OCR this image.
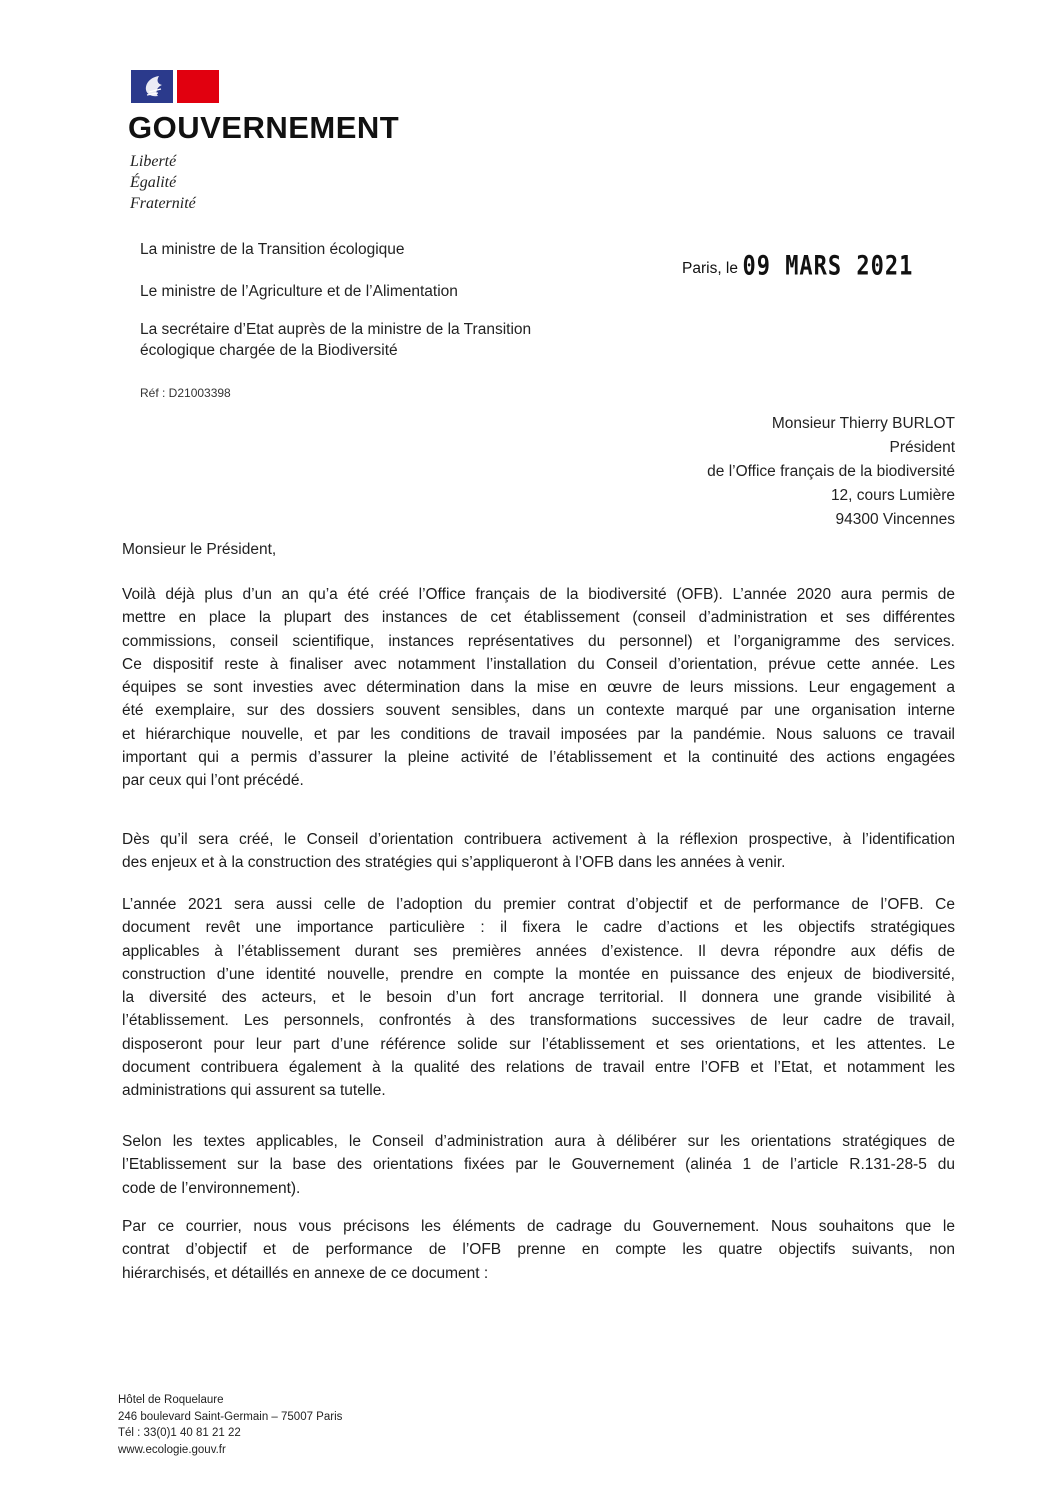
GOUVERNEMENT
Liberté
Égalité
Fraternité
La ministre de la Transition écologique
Le ministre de l’Agriculture et de l’Alimentation
La secrétaire d’Etat auprès de la ministre de la Transition
écologique chargée de la Biodiversité
Paris, le 09 MARS 2021
Réf : D21003398
Monsieur Thierry BURLOT
Président
de l’Office français de la biodiversité
12, cours Lumière
94300 Vincennes
Monsieur le Président,
Voilà déjà plus d’un an qu’a été créé l’Office français de la biodiversité (OFB). L’année 2020 aura permis de
mettre en place la plupart des instances de cet établissement (conseil d’administration et ses différentes
commissions, conseil scientifique, instances représentatives du personnel) et l’organigramme des services.
Ce dispositif reste à finaliser avec notamment l’installation du Conseil d’orientation, prévue cette année. Les
équipes se sont investies avec détermination dans la mise en œuvre de leurs missions. Leur engagement a
été exemplaire, sur des dossiers souvent sensibles, dans un contexte marqué par une organisation interne
et hiérarchique nouvelle, et par les conditions de travail imposées par la pandémie. Nous saluons ce travail
important qui a permis d’assurer la pleine activité de l’établissement et la continuité des actions engagées
par ceux qui l’ont précédé.
Dès qu’il sera créé, le Conseil d’orientation contribuera activement à la réflexion prospective, à l’identification
des enjeux et à la construction des stratégies qui s’appliqueront à l’OFB dans les années à venir.
L’année 2021 sera aussi celle de l’adoption du premier contrat d’objectif et de performance de l’OFB. Ce
document revêt une importance particulière : il fixera le cadre d’actions et les objectifs stratégiques
applicables à l’établissement durant ses premières années d’existence. Il devra répondre aux défis de
construction d’une identité nouvelle, prendre en compte la montée en puissance des enjeux de biodiversité,
la diversité des acteurs, et le besoin d’un fort ancrage territorial. Il donnera une grande visibilité à
l’établissement. Les personnels, confrontés à des transformations successives de leur cadre de travail,
disposeront pour leur part d’une référence solide sur l’établissement et ses orientations, et les attentes. Le
document contribuera également à la qualité des relations de travail entre l’OFB et l’Etat, et notamment les
administrations qui assurent sa tutelle.
Selon les textes applicables, le Conseil d’administration aura à délibérer sur les orientations stratégiques de
l’Etablissement sur la base des orientations fixées par le Gouvernement (alinéa 1 de l’article R.131-28-5 du
code de l’environnement).
Par ce courrier, nous vous précisons les éléments de cadrage du Gouvernement. Nous souhaitons que le
contrat d’objectif et de performance de l’OFB prenne en compte les quatre objectifs suivants, non
hiérarchisés, et détaillés en annexe de ce document :
Hôtel de Roquelaure
246 boulevard Saint-Germain – 75007 Paris
Tél : 33(0)1 40 81 21 22
www.ecologie.gouv.fr
